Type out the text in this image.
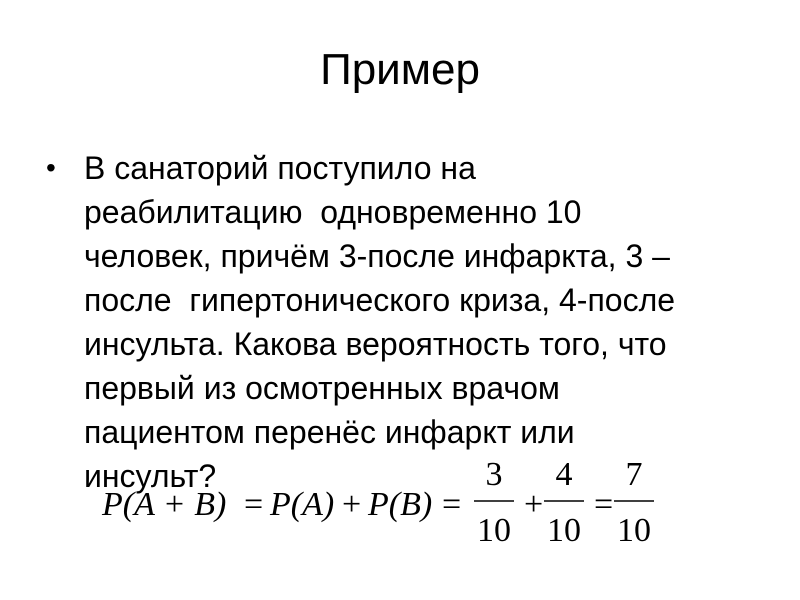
Пример
• В санаторий поступило на
реабилитацию  одновременно 10
человек, причём 3-после инфаркта, 3 –
после  гипертонического криза, 4-после
инсульта. Какова вероятность того, что
первый из осмотренных врачом
пациентом перенёс инфаркт или
инсульт?
P(A + B) = P(A) + P(B) =
3
10
+
4
10
=
7
10
